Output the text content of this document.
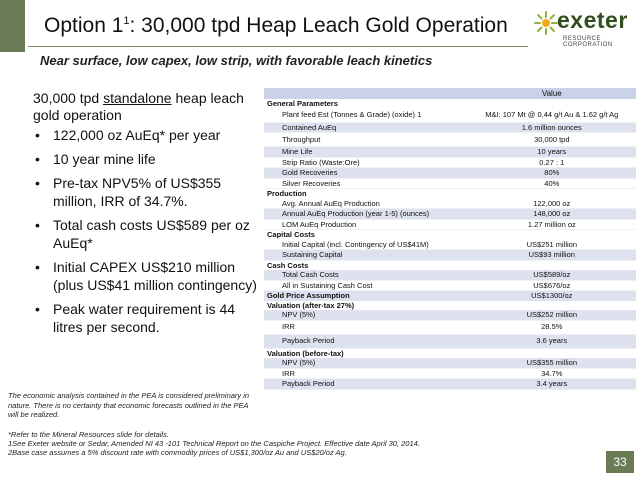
Option $1^1$: 30,000 tpd Heap Leach Gold Operation exeter
RESOURCE CORPORATION
Near surface, low capex, low strip, with favorable leach kinetics
30,000 tpd standalone heap leach gold operation
• 122,000 oz AuEq* per year
• 10 year mine life
• Pre-tax NPV5% of US$355 million, IRR of 34.7%.
• Total cash costs US$589 per oz AuEq*
• Initial CAPEX US$210 million (plus US$41 million contingency)
• Peak water requirement is 44 litres per second.
	Value
General Parameters	
Plant feed Est (Tonnes & Grade) (oxide) 1	M&I: 107 Mt @ 0.44 g/t Au & 1.62 g/t Ag
Contained AuEq	1.6 million ounces
Throughput	30,000 tpd
Mine Life	10 years
Strip Ratio (Waste:Ore)	0.27 : 1
Gold Recoveries	80%
Silver Recoveries	40%
Production	
Avg. Annual AuEq Production	122,000 oz
Annual AuEq Production (year 1-5) (ounces)	148,000 oz
LOM AuEq Production	1.27 million oz
Capital Costs	
Initial Capital (incl. Contingency of US$41M)	US$251 million
Sustaining Capital	US$93 million
Cash Costs	
Total Cash Costs	US$589/oz
All in Sustaining Cash Cost	US$676/oz
Gold Price Assumption	US$1300/oz
Valuation (after-tax 27%)	
NPV (5%)	US$252 million
IRR	28.5%
Payback Period	3.6 years
Valuation (before-tax)	
NPV (5%)	US$355 million
IRR	34.7%
Payback Period	3.4 years
The economic analysis contained in the PEA is considered preliminary in nature. There is no certainty that economic forecasts outlined in the PEA will be realized.
*Refer to the Mineral Resources slide for details.
1See Exeter website or Sedar, Amended NI 43 -101 Technical Report on the Caspiche Project. Effective date April 30, 2014.
2Base case assumes a 5% discount rate with commodity prices of US$1,300/oz Au and US$20/oz Ag.
33
